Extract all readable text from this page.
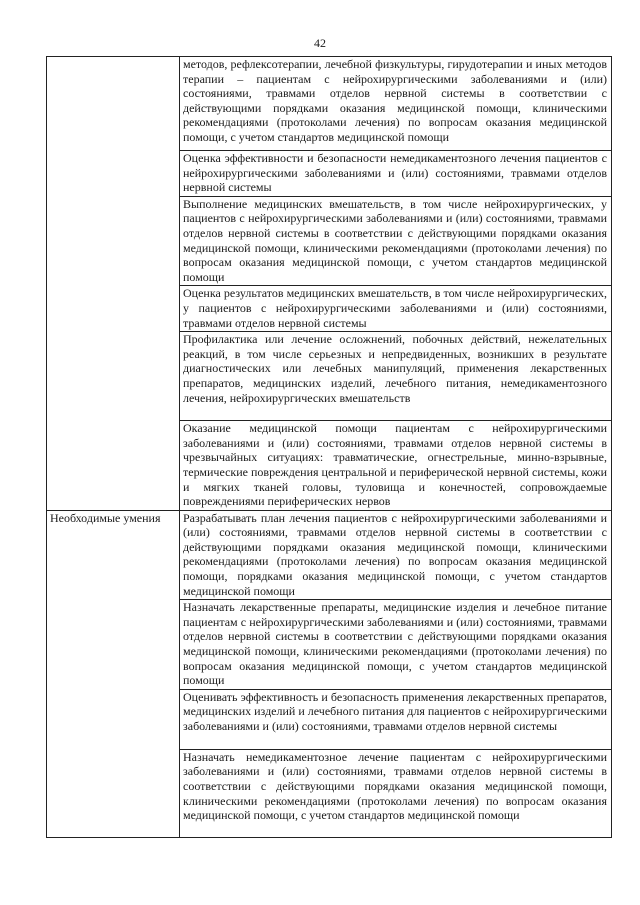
42
	методов, рефлексотерапии, лечебной физкультуры, гирудотерапии и иных методов терапии – пациентам с нейрохирургическими заболеваниями и (или) состояниями, травмами отделов нервной системы в соответствии с действующими порядками оказания медицинской помощи, клиническими рекомендациями (протоколами лечения) по вопросам оказания медицинской помощи, с учетом стандартов медицинской помощи
	Оценка эффективности и безопасности немедикаментозного лечения пациентов с нейрохирургическими заболеваниями и (или) состояниями, травмами отделов нервной системы
	Выполнение медицинских вмешательств, в том числе нейрохирургических, у пациентов с нейрохирургическими заболеваниями и (или) состояниями, травмами отделов нервной системы в соответствии с действующими порядками оказания медицинской помощи, клиническими рекомендациями (протоколами лечения) по вопросам оказания медицинской помощи, с учетом стандартов медицинской помощи
	Оценка результатов медицинских вмешательств, в том числе нейрохирургических, у пациентов с нейрохирургическими заболеваниями и (или) состояниями, травмами отделов нервной системы
	Профилактика или лечение осложнений, побочных действий, нежелательных реакций, в том числе серьезных и непредвиденных, возникших в результате диагностических или лечебных манипуляций, применения лекарственных препаратов, медицинских изделий, лечебного питания, немедикаментозного лечения, нейрохирургических вмешательств
	Оказание медицинской помощи пациентам с нейрохирургическими заболеваниями и (или) состояниями, травмами отделов нервной системы в чрезвычайных ситуациях: травматические, огнестрельные, минно-взрывные, термические повреждения центральной и периферической нервной системы, кожи и мягких тканей головы, туловища и конечностей, сопровождаемые повреждениями периферических нервов
Необходимые умения	Разрабатывать план лечения пациентов с нейрохирургическими заболеваниями и (или) состояниями, травмами отделов нервной системы в соответствии с действующими порядками оказания медицинской помощи, клиническими рекомендациями (протоколами лечения) по вопросам оказания медицинской помощи, порядками оказания медицинской помощи, с учетом стандартов медицинской помощи
	Назначать лекарственные препараты, медицинские изделия и лечебное питание пациентам с нейрохирургическими заболеваниями и (или) состояниями, травмами отделов нервной системы в соответствии с действующими порядками оказания медицинской помощи, клиническими рекомендациями (протоколами лечения) по вопросам оказания медицинской помощи, с учетом стандартов медицинской помощи
	Оценивать эффективность и безопасность применения лекарственных препаратов, медицинских изделий и лечебного питания для пациентов с нейрохирургическими заболеваниями и (или) состояниями, травмами отделов нервной системы
	Назначать немедикаментозное лечение пациентам с нейрохирургическими заболеваниями и (или) состояниями, травмами отделов нервной системы в соответствии с действующими порядками оказания медицинской помощи, клиническими рекомендациями (протоколами лечения) по вопросам оказания медицинской помощи, с учетом стандартов медицинской помощи
